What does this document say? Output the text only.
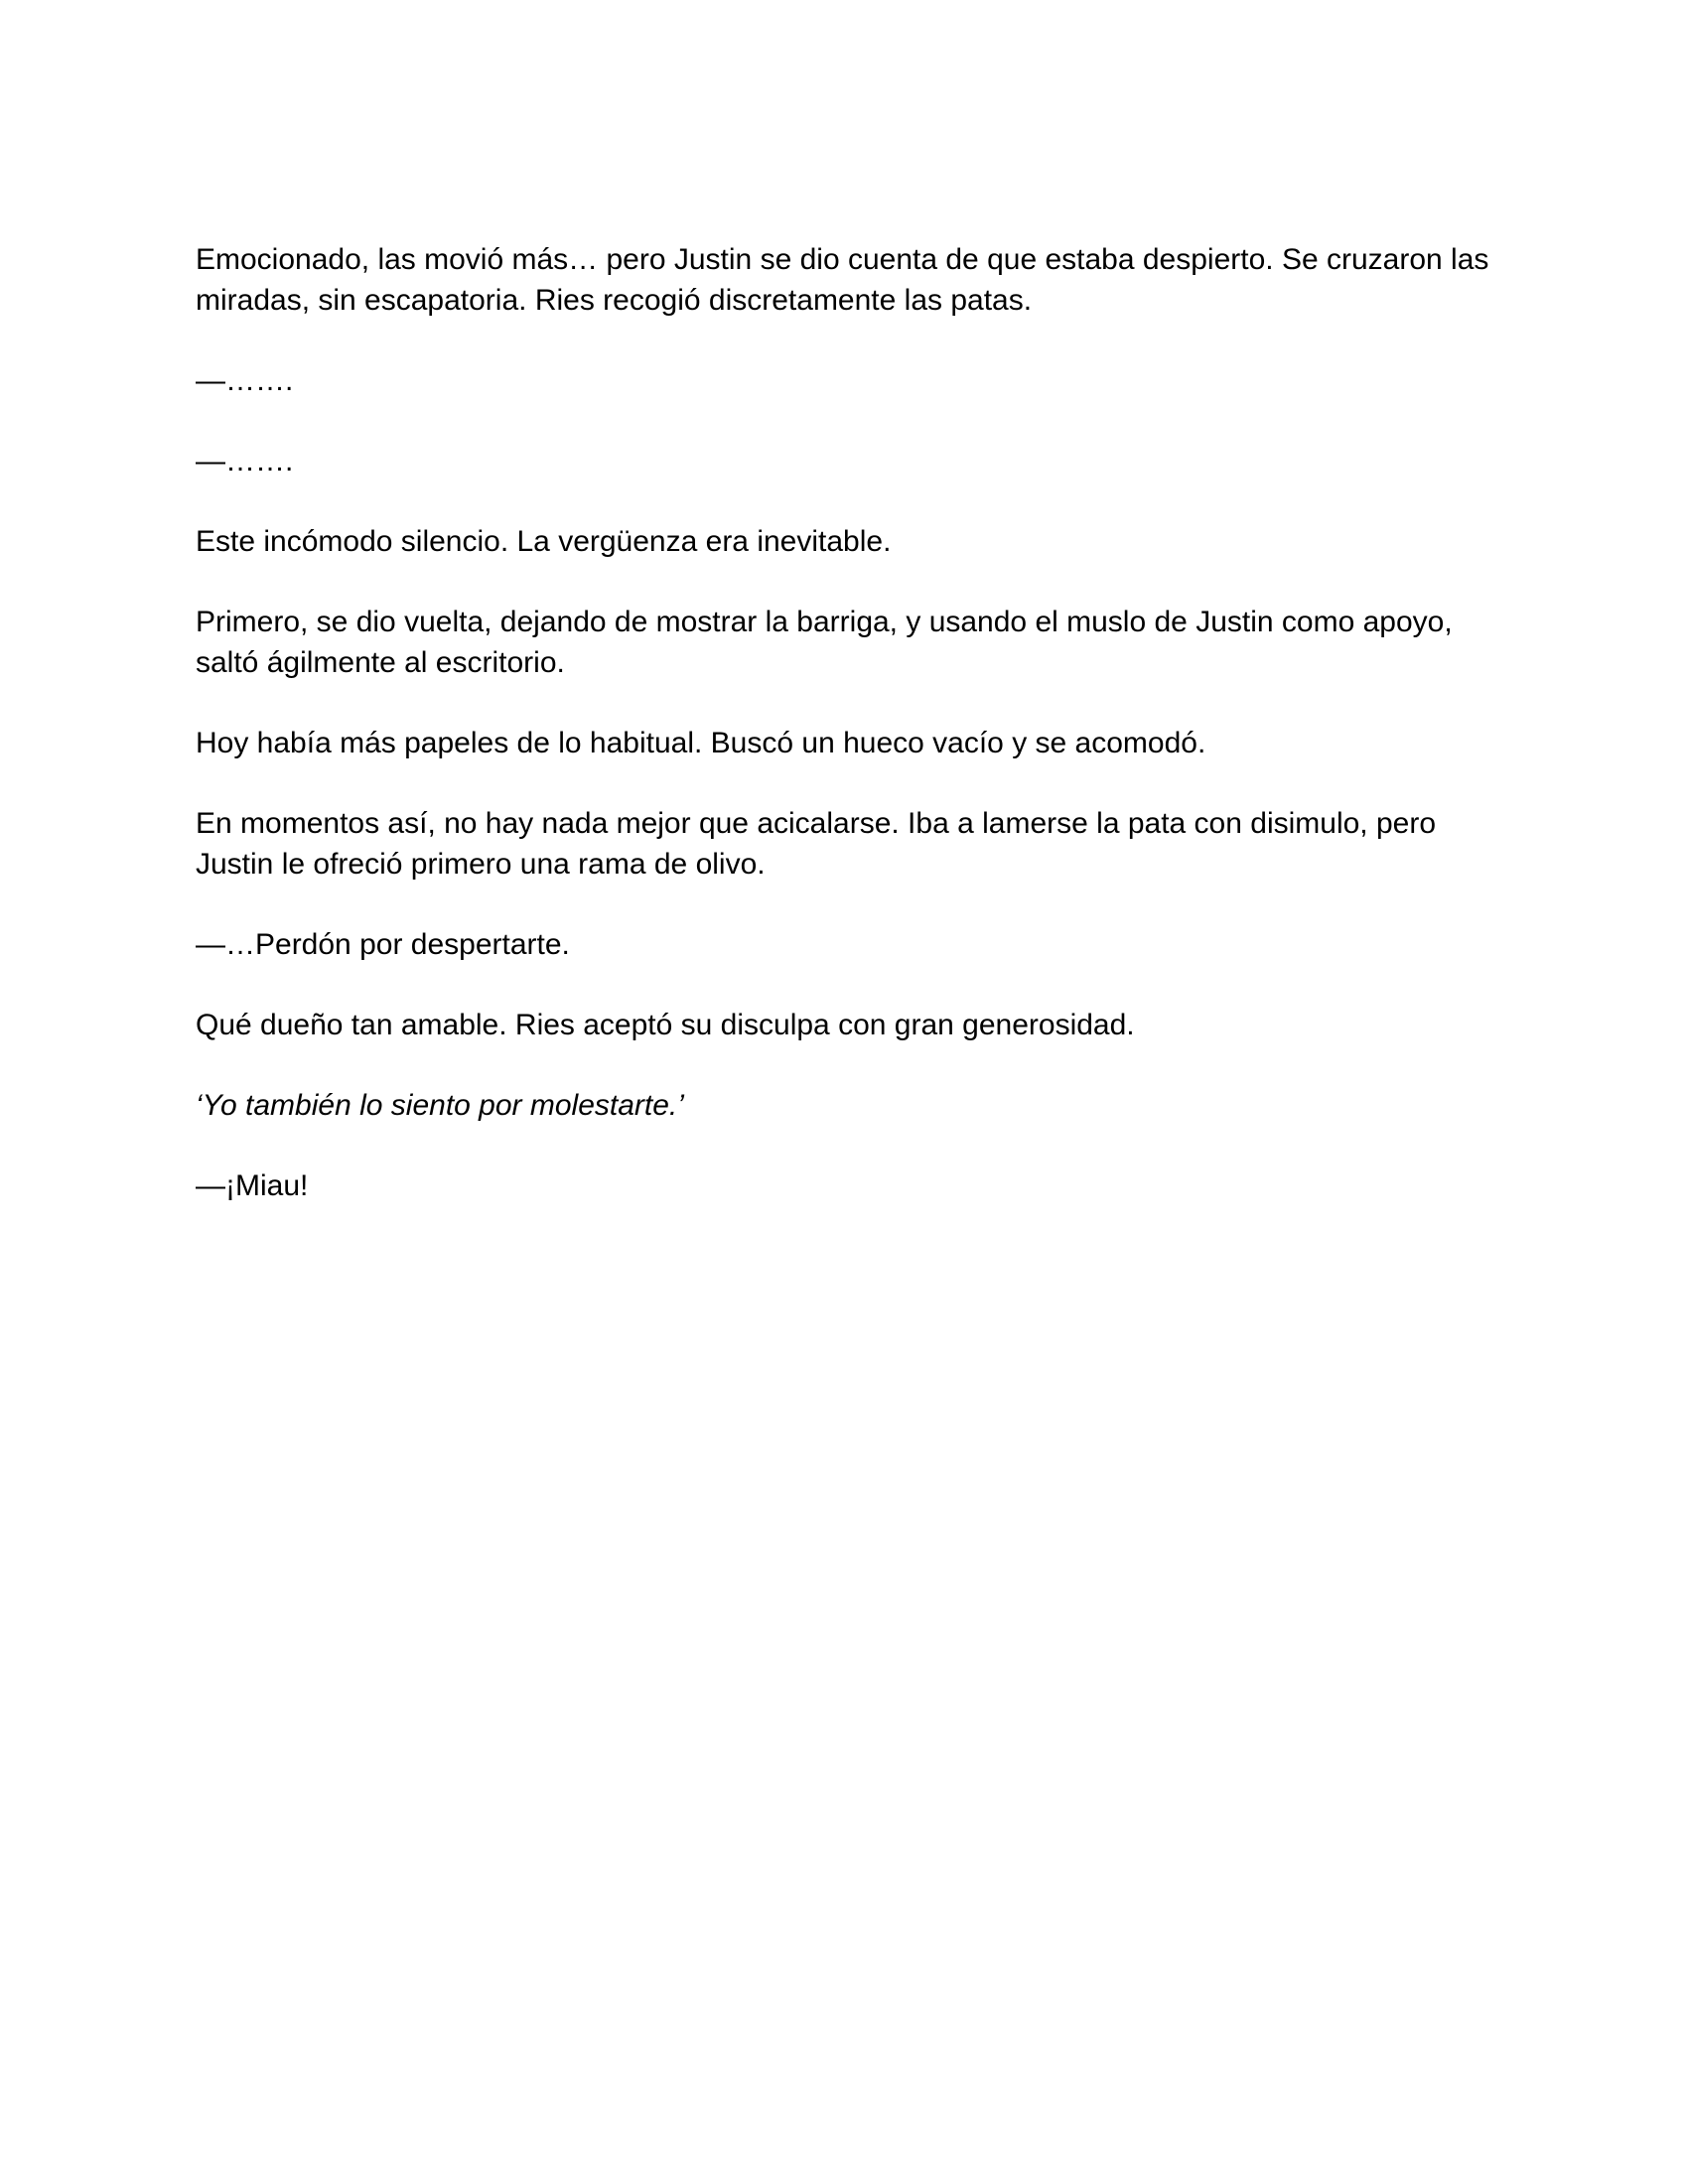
Emocionado, las movió más… pero Justin se dio cuenta de que estaba despierto. Se cruzaron las miradas, sin escapatoria. Ries recogió discretamente las patas.

—…….

—…….

Este incómodo silencio. La vergüenza era inevitable.

Primero, se dio vuelta, dejando de mostrar la barriga, y usando el muslo de Justin como apoyo, saltó ágilmente al escritorio.

Hoy había más papeles de lo habitual. Buscó un hueco vacío y se acomodó.

En momentos así, no hay nada mejor que acicalarse. Iba a lamerse la pata con disimulo, pero Justin le ofreció primero una rama de olivo.

—…Perdón por despertarte.

Qué dueño tan amable. Ries aceptó su disculpa con gran generosidad.

‘Yo también lo siento por molestarte.’

—¡Miau!
